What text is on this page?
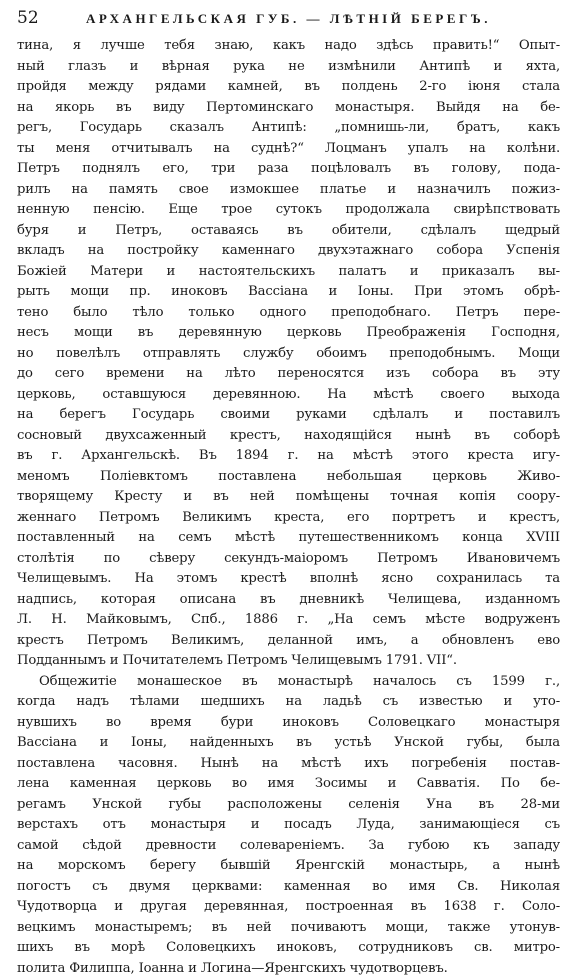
52	АРХАНГЕЛЬСКАЯ ГУБ. — ЛѢТНІЙ БЕРЕГЪ.
тина, я лучше тебя знаю, какъ надо здѣсь править!“ Опыт-
ный глазъ и вѣрная рука не измѣнили Антипѣ и яхта,
пройдя между рядами камней, въ полдень 2-го іюня стала
на якорь въ виду Пертоминскаго монастыря. Выйдя на бе-
регъ, Государь сказалъ Антипѣ: „помнишь-ли, братъ, какъ
ты меня отчитывалъ на суднѣ?“ Лоцманъ упалъ на колѣни.
Петръ поднялъ его, три раза поцѣловалъ въ голову, пода-
рилъ на память свое измокшее платье и назначилъ пожиз-
ненную пенсію. Еще трое сутокъ продолжала свирѣпствовать
буря и Петръ, оставаясь въ обители, сдѣлалъ щедрый
вкладъ на постройку каменнаго двухэтажнаго собора Успенія
Божіей Матери и настоятельскихъ палатъ и приказалъ вы-
рыть мощи пр. иноковъ Вассіана и Іоны. При этомъ обрѣ-
тено было тѣло только одного преподобнаго. Петръ пере-
несъ мощи въ деревянную церковь Преображенія Господня,
но повелѣлъ отправлять службу обоимъ преподобнымъ. Мощи
до сего времени на лѣто переносятся изъ собора въ эту
церковь, оставшуюся деревянною. На мѣстѣ своего выхода
на берегъ Государь своими руками сдѣлалъ и поставилъ
сосновый двухсаженный крестъ, находящійся нынѣ въ соборѣ
въ г. Архангельскѣ. Въ 1894 г. на мѣстѣ этого креста игу-
меномъ Поліевктомъ поставлена небольшая церковь Живо-
творящему Кресту и въ ней помѣщены точная копія cooру-
женнаго Петромъ Великимъ креста, его портретъ и крестъ,
поставленный на семъ мѣстѣ путешественникомъ конца XVIII
столѣтія по сѣверу секундъ-маіоромъ Петромъ Ивановичемъ
Челищевымъ. На этомъ крестѣ вполнѣ ясно сохранилась та
надпись, которая описана въ дневникѣ Челищева, изданномъ
Л. Н. Майковымъ, Спб., 1886 г. „На семъ мѣсте водруженъ
крестъ Петромъ Великимъ, деланной имъ, а обновленъ ево
Подданнымъ и Почитателемъ Петромъ Челищевымъ 1791. VII“.
Общежитіе монашеское въ монастырѣ началось съ 1599 г.,
когда надъ тѣлами шедшихъ на ладьѣ съ известью и уто-
нувшихъ во время бури иноковъ Соловецкаго монастыря
Вассіана и Іоны, найденныхъ въ устьѣ Унской губы, была
поставлена часовня. Нынѣ на мѣстѣ ихъ погребенія постав-
лена каменная церковь во имя Зосимы и Савватія. По бе-
регамъ Унской губы расположены селенія Уна въ 28-ми
верстахъ отъ монастыря и посадъ Луда, занимающіеся съ
самой сѣдой древности солевареніемъ. За губою къ западу
на морскомъ берегу бывшій Яренгскій монастырь, а нынѣ
погостъ съ двумя церквами: каменная во имя Св. Николая
Чудотворца и другая деревянная, построенная въ 1638 г. Соло-
вецкимъ монастыремъ; въ ней почиваютъ мощи, также утонув-
шихъ въ морѣ Соловецкихъ иноковъ, сотрудниковъ св. митро-
полита Филиппа, Іоанна и Логина—Яренгскихъ чудотворцевъ.
